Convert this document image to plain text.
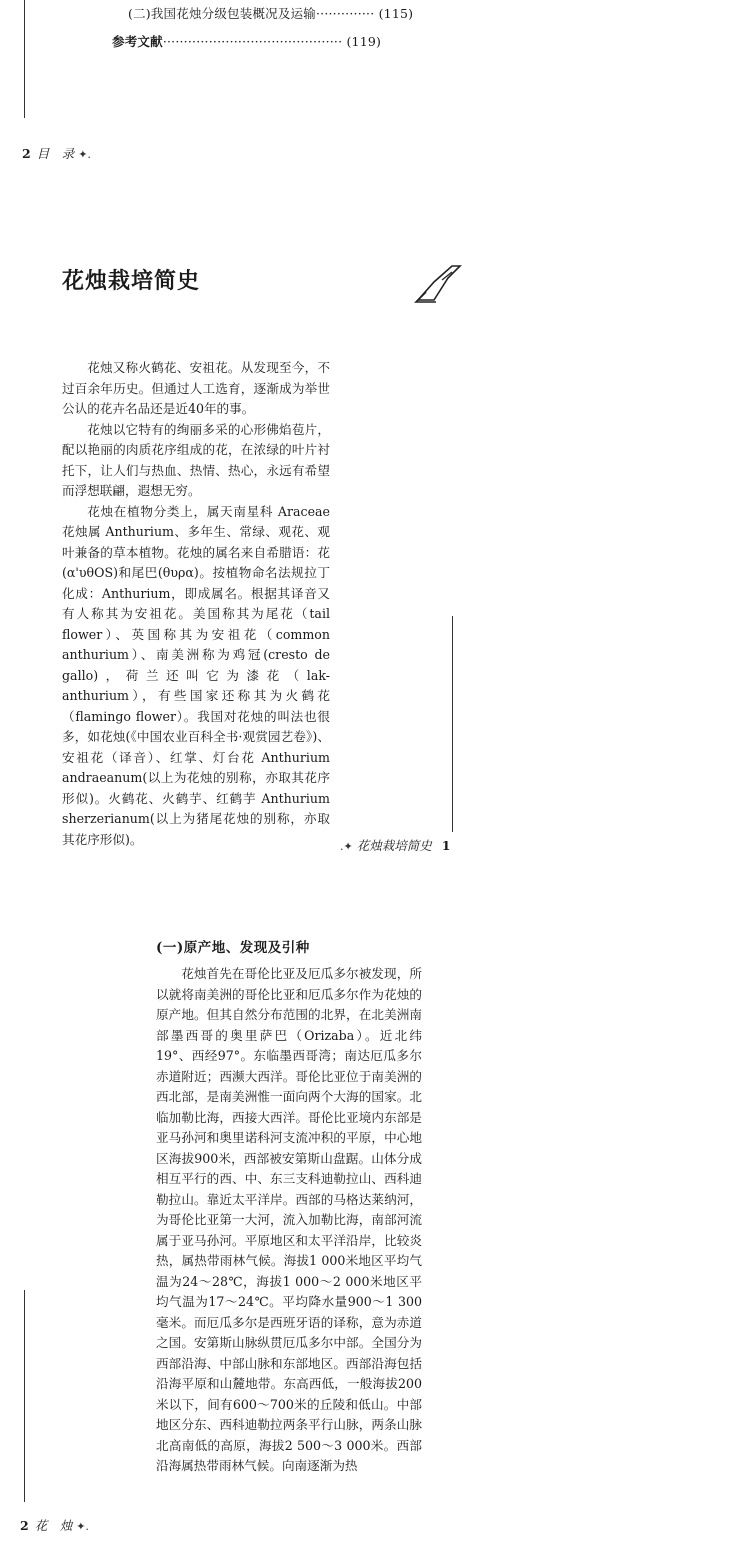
(二)我国花烛分级包装概况及运输·············· (115)
参考文献··········································· (119)
2 目　录 ✦.
花烛栽培简史

花烛又称火鹤花、安祖花。从发现至今，不过百余年历史。但通过人工选育，逐渐成为举世公认的花卉名品还是近40年的事。

花烛以它特有的绚丽多采的心形佛焰苞片，配以艳丽的肉质花序组成的花，在浓绿的叶片衬托下，让人们与热血、热情、热心，永远有希望而浮想联翩，遐想无穷。

花烛在植物分类上，属天南星科 Araceae 花烛属 Anthurium、多年生、常绿、观花、观叶兼备的草本植物。花烛的属名来自希腊语：花(α'υθOS)和尾巴(θυρα)。按植物命名法规拉丁化成：Anthurium，即成属名。根据其译音又有人称其为安祖花。美国称其为尾花（tail flower）、英国称其为安祖花（common anthurium）、南美洲称为鸡冠(cresto de gallo)，荷兰还叫它为漆花（lak-anthurium），有些国家还称其为火鹤花（flamingo flower）。我国对花烛的叫法也很多，如花烛(《中国农业百科全书·观赏园艺卷》)、安祖花（译音）、红掌、灯台花 Anthurium andraeanum(以上为花烛的别称，亦取其花序形似)。火鹤花、火鹤芋、红鹤芋 Anthurium sherzerianum(以上为猪尾花烛的别称，亦取其花序形似)。	.✦ 花烛栽培简史 1
(一)原产地、发现及引种

花烛首先在哥伦比亚及厄瓜多尔被发现，所以就将南美洲的哥伦比亚和厄瓜多尔作为花烛的原产地。但其自然分布范围的北界，在北美洲南部墨西哥的奥里萨巴（Orizaba）。近北纬19°、西经97°。东临墨西哥湾；南达厄瓜多尔赤道附近；西濒大西洋。哥伦比亚位于南美洲的西北部，是南美洲惟一面向两个大海的国家。北临加勒比海，西接大西洋。哥伦比亚境内东部是亚马孙河和奥里诺科河支流冲积的平原，中心地区海拔900米，西部被安第斯山盘踞。山体分成相互平行的西、中、东三支科迪勒拉山、西科迪勒拉山。靠近太平洋岸。西部的马格达莱纳河，为哥伦比亚第一大河，流入加勒比海，南部河流属于亚马孙河。平原地区和太平洋沿岸，比较炎热，属热带雨林气候。海拔1 000米地区平均气温为24～28℃，海拔1 000～2 000米地区平均气温为17～24℃。平均降水量900～1 300毫米。而厄瓜多尔是西班牙语的译称，意为赤道之国。安第斯山脉纵贯厄瓜多尔中部。全国分为西部沿海、中部山脉和东部地区。西部沿海包括沿海平原和山麓地带。东高西低，一般海拔200米以下，间有600～700米的丘陵和低山。中部地区分东、西科迪勒拉两条平行山脉，两条山脉北高南低的高原，海拔2 500～3 000米。西部沿海属热带雨林气候。向南逐渐为热

2 花　烛 ✦.
